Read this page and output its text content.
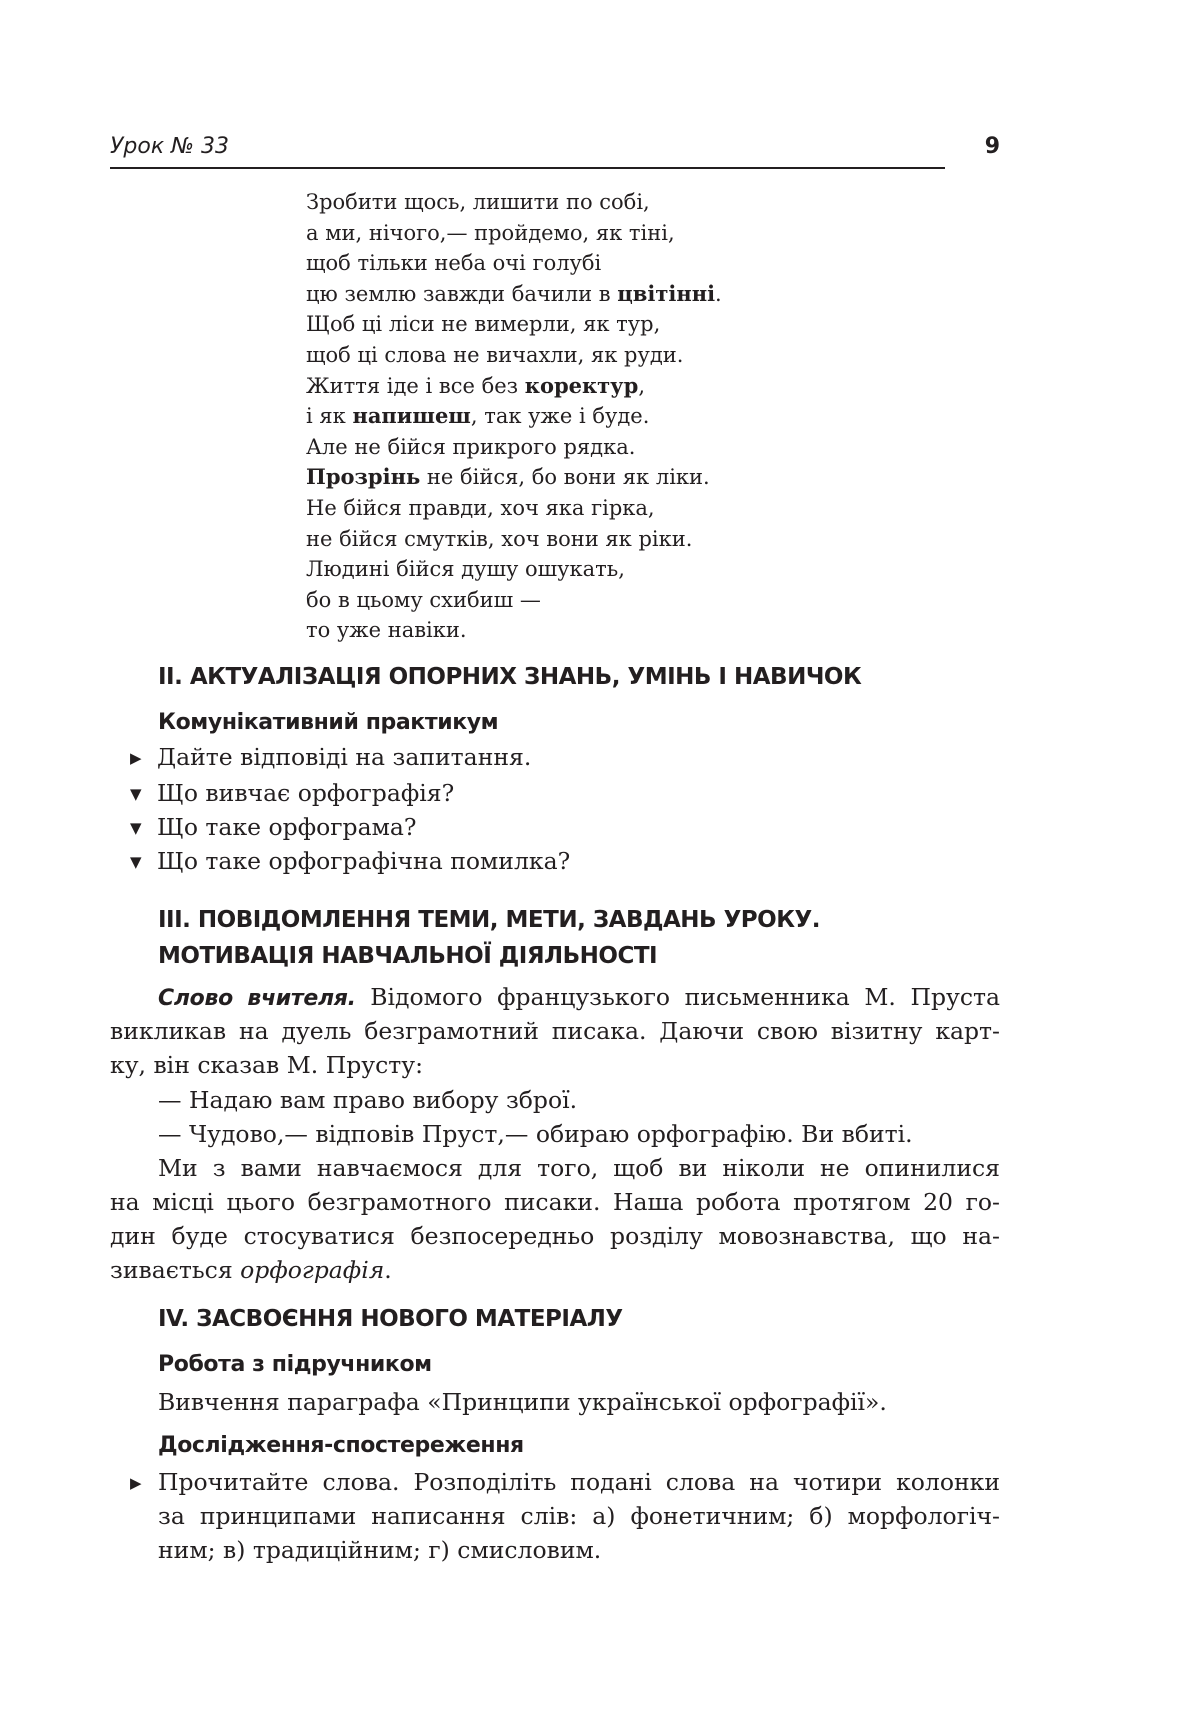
Урок № 33	9
Зробити щось, лишити по собі,
а ми, нічого,— пройдемо, як тіні,
щоб тільки неба очі голубі
цю землю завжди бачили в цвітінні.
Щоб ці ліси не вимерли, як тур,
щоб ці слова не вичахли, як руди.
Життя іде і все без коректур,
і як напишеш, так уже і буде.
Але не бійся прикрого рядка.
Прозрінь не бійся, бо вони як ліки.
Не бійся правди, хоч яка гірка,
не бійся смутків, хоч вони як ріки.
Людині бійся душу ошукать,
бо в цьому схибиш —
то уже навіки.
ІІ. АКТУАЛІЗАЦІЯ ОПОРНИХ ЗНАНЬ, УМІНЬ І НАВИЧОК
Комунікативний практикум
▶ Дайте відповіді на запитання.
▼ Що вивчає орфографія?
▼ Що таке орфограма?
▼ Що таке орфографічна помилка?
ІІІ. ПОВІДОМЛЕННЯ ТЕМИ, МЕТИ, ЗАВДАНЬ УРОКУ.
МОТИВАЦІЯ НАВЧАЛЬНОЇ ДІЯЛЬНОСТІ
Слово вчителя. Відомого французького письменника М. Пруста
викликав на дуель безграмотний писака. Даючи свою візитну карт-
ку, він сказав М. Прусту:
— Надаю вам право вибору зброї.
— Чудово,— відповів Пруст,— обираю орфографію. Ви вбиті.
Ми з вами навчаємося для того, щоб ви ніколи не опинилися
на місці цього безграмотного писаки. Наша робота протягом 20 го-
дин буде стосуватися безпосередньо розділу мовознавства, що на-
зивається орфографія.
IV. ЗАСВОЄННЯ НОВОГО МАТЕРІАЛУ
Робота з підручником
Вивчення параграфа «Принципи української орфографії».
Дослідження-спостереження
▶ Прочитайте слова. Розподіліть подані слова на чотири колонки
за принципами написання слів: а) фонетичним; б) морфологіч-
ним; в) традиційним; г) смисловим.
